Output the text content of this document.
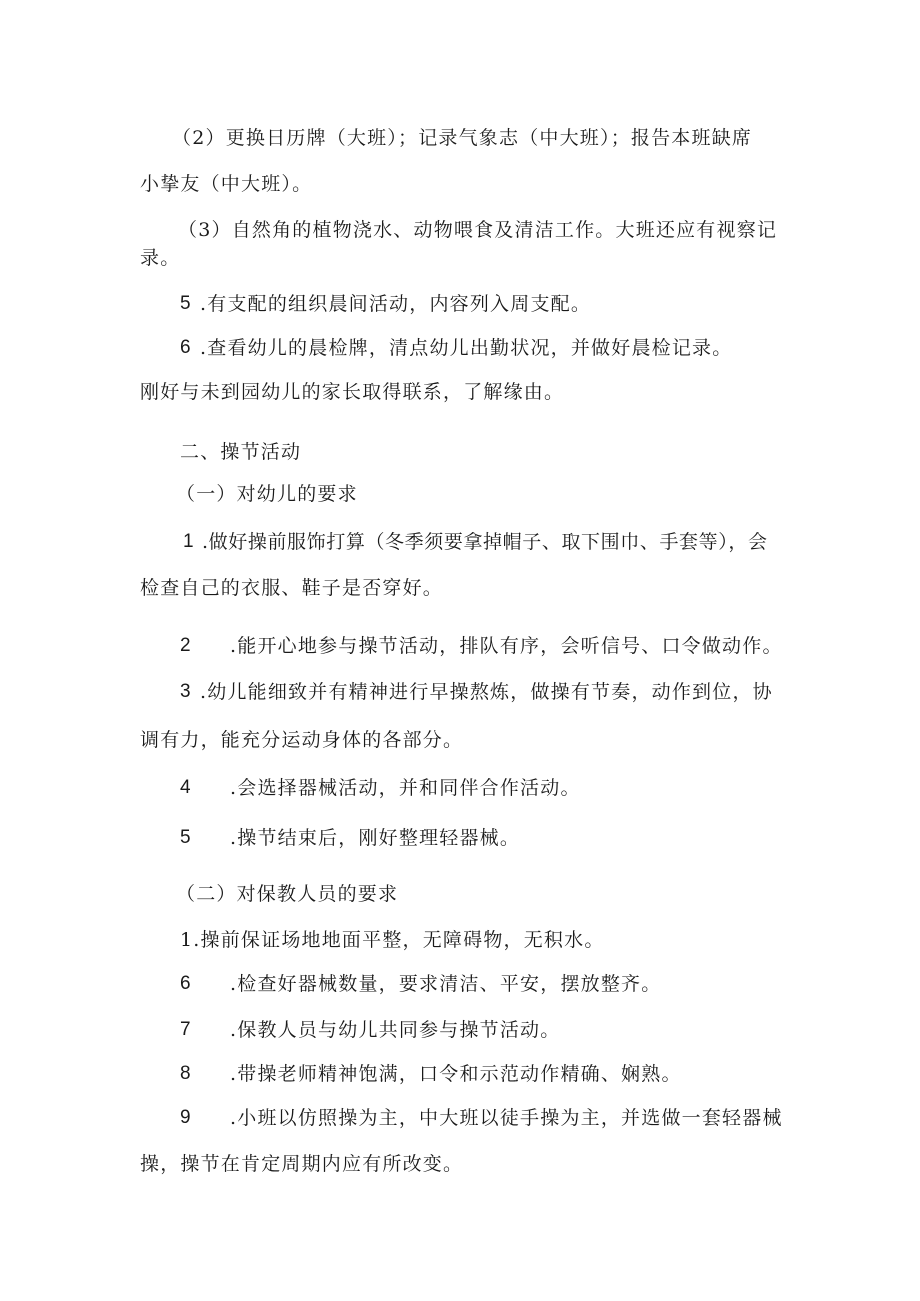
（2）更换日历牌（大班）；记录气象志（中大班）；报告本班缺席
小挚友（中大班）。
（3）自然角的植物浇水、动物喂食及清洁工作。大班还应有视察记
录。
5 .有支配的组织晨间活动，内容列入周支配。
6 .查看幼儿的晨检牌，清点幼儿出勤状况，并做好晨检记录。
刚好与未到园幼儿的家长取得联系，了解缘由。
二、操节活动
（一）对幼儿的要求
1 .做好操前服饰打算（冬季须要拿掉帽子、取下围巾、手套等），会
检查自己的衣服、鞋子是否穿好。
2 .能开心地参与操节活动，排队有序，会听信号、口令做动作。
3 .幼儿能细致并有精神进行早操熬炼，做操有节奏，动作到位，协
调有力，能充分运动身体的各部分。
4 .会选择器械活动，并和同伴合作活动。
5 .操节结束后，刚好整理轻器械。
（二）对保教人员的要求
1.操前保证场地地面平整，无障碍物，无积水。
6 .检查好器械数量，要求清洁、平安，摆放整齐。
7 .保教人员与幼儿共同参与操节活动。
8 .带操老师精神饱满，口令和示范动作精确、娴熟。
9 .小班以仿照操为主，中大班以徒手操为主，并选做一套轻器械
操，操节在肯定周期内应有所改变。
